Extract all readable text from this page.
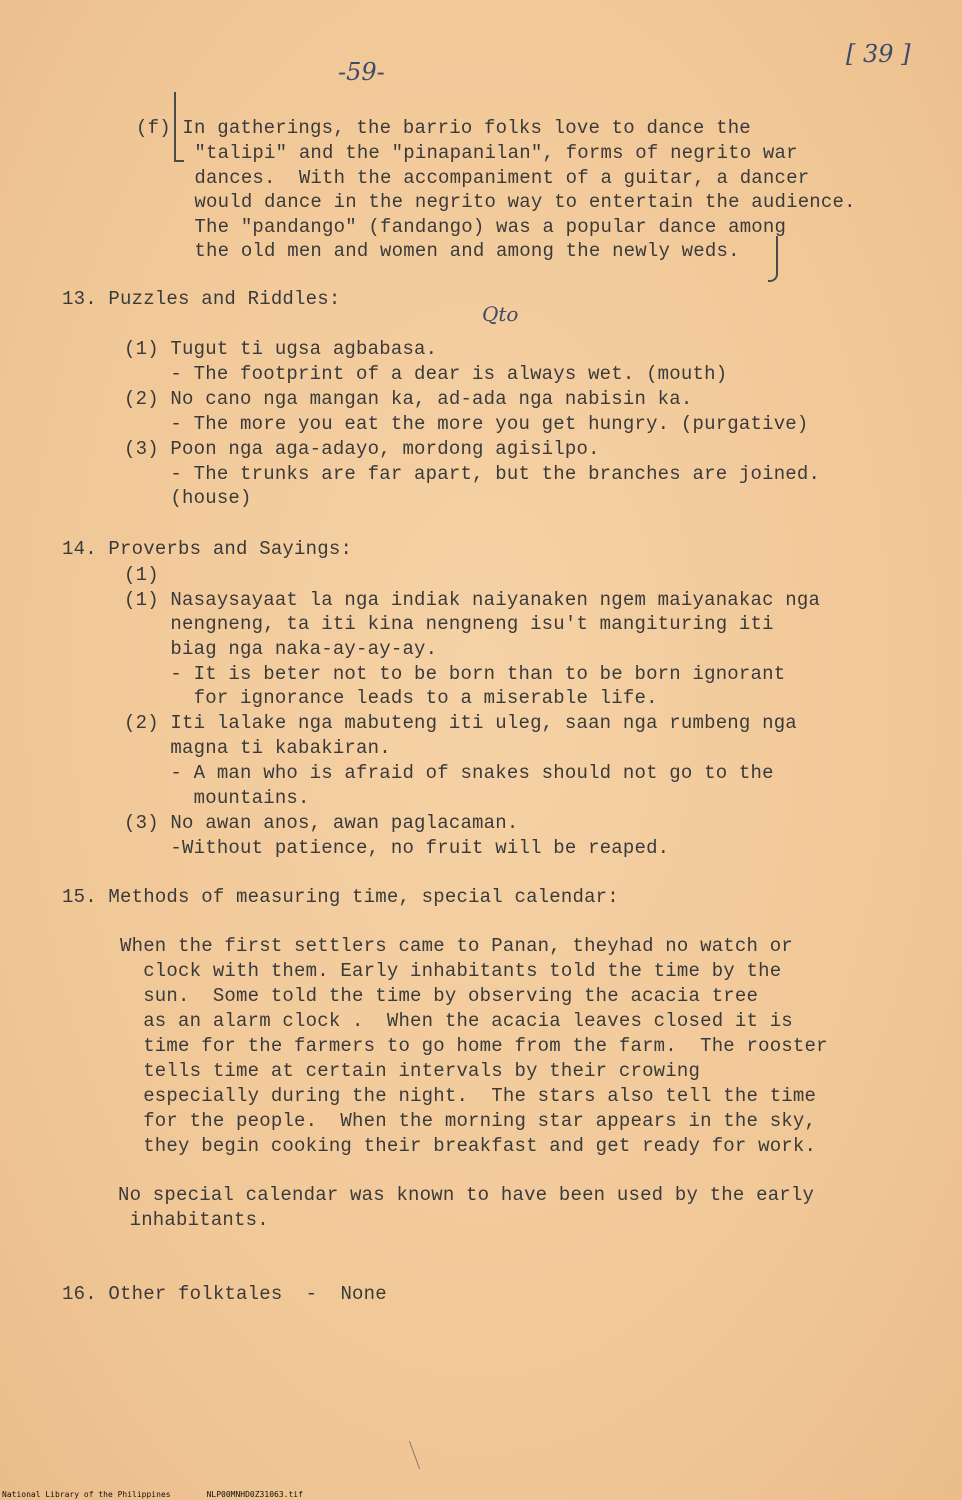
-59-
[ 39 ]
(f) In gatherings, the barrio folks love to dance the
"talipi" and the "pinapanilan", forms of negrito war
dances.  With the accompaniment of a guitar, a dancer
would dance in the negrito way to entertain the audience.
The "pandango" (fandango) was a popular dance among
the old men and women and among the newly weds.
13. Puzzles and Riddles:
Qto
(1) Tugut ti ugsa agbabasa.
- The footprint of a dear is always wet. (mouth)
(2) No cano nga mangan ka, ad-ada nga nabisin ka.
- The more you eat the more you get hungry. (purgative)
(3) Poon nga aga-adayo, mordong agisilpo.
- The trunks are far apart, but the branches are joined.
(house)
14. Proverbs and Sayings:
(1)
(1) Nasaysayaat la nga indiak naiyanaken ngem maiyanakac nga
nengneng, ta iti kina nengneng isu't mangituring iti
biag nga naka-ay-ay-ay.
- It is beter not to be born than to be born ignorant
for ignorance leads to a miserable life.
(2) Iti lalake nga mabuteng iti uleg, saan nga rumbeng nga
magna ti kabakiran.
- A man who is afraid of snakes should not go to the
mountains.
(3) No awan anos, awan paglacaman.
-Without patience, no fruit will be reaped.
15. Methods of measuring time, special calendar:
When the first settlers came to Panan, theyhad no watch or
clock with them. Early inhabitants told the time by the
sun.  Some told the time by observing the acacia tree
as an alarm clock .  When the acacia leaves closed it is
time for the farmers to go home from the farm.  The rooster
tells time at certain intervals by their crowing
especially during the night.  The stars also tell the time
for the people.  When the morning star appears in the sky,
they begin cooking their breakfast and get ready for work.
No special calendar was known to have been used by the early
inhabitants.
16. Other folktales  -  None
National Library of the Philippines	NLP00MNHD0Z31063.tif
